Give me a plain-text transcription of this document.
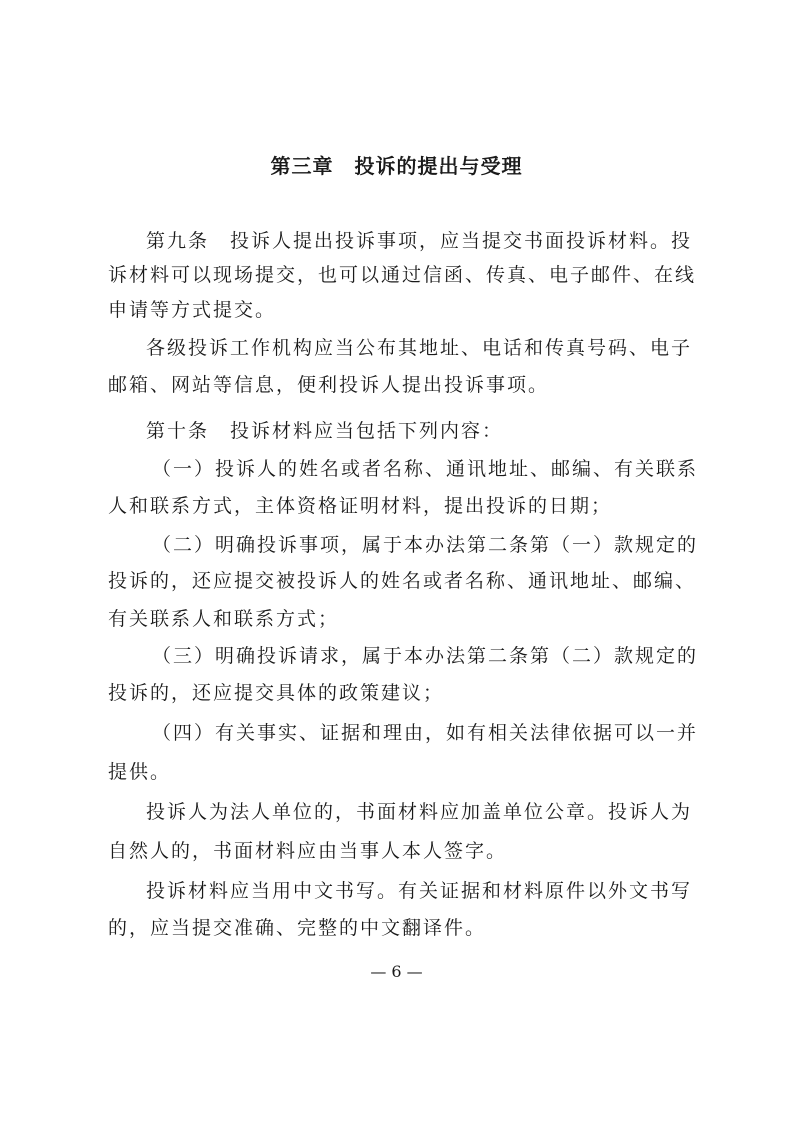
第三章　投诉的提出与受理
第九条　投诉人提出投诉事项，应当提交书面投诉材料。投
诉材料可以现场提交，也可以通过信函、传真、电子邮件、在线
申请等方式提交。
各级投诉工作机构应当公布其地址、电话和传真号码、电子
邮箱、网站等信息，便利投诉人提出投诉事项。
第十条　投诉材料应当包括下列内容：
（一）投诉人的姓名或者名称、通讯地址、邮编、有关联系
人和联系方式，主体资格证明材料，提出投诉的日期；
（二）明确投诉事项，属于本办法第二条第（一）款规定的
投诉的，还应提交被投诉人的姓名或者名称、通讯地址、邮编、
有关联系人和联系方式；
（三）明确投诉请求，属于本办法第二条第（二）款规定的
投诉的，还应提交具体的政策建议；
（四）有关事实、证据和理由，如有相关法律依据可以一并
提供。
投诉人为法人单位的，书面材料应加盖单位公章。投诉人为
自然人的，书面材料应由当事人本人签字。
投诉材料应当用中文书写。有关证据和材料原件以外文书写
的，应当提交准确、完整的中文翻译件。
— 6 —
